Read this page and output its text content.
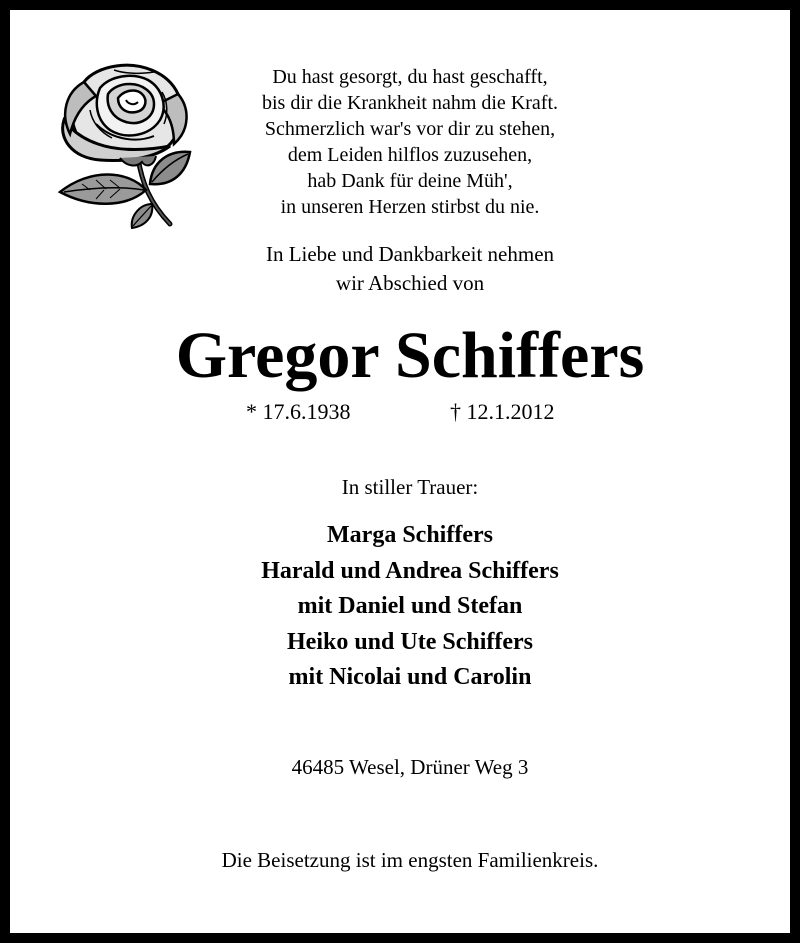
Du hast gesorgt, du hast geschafft,
bis dir die Krankheit nahm die Kraft.
Schmerzlich war's vor dir zu stehen,
dem Leiden hilflos zuzusehen,
hab Dank für deine Müh',
in unseren Herzen stirbst du nie.
In Liebe und Dankbarkeit nehmen
wir Abschied von
Gregor Schiffers
* 17.6.1938	† 12.1.2012
In stiller Trauer:
Marga Schiffers
Harald und Andrea Schiffers
mit Daniel und Stefan
Heiko und Ute Schiffers
mit Nicolai und Carolin
46485 Wesel, Drüner Weg 3
Die Beisetzung ist im engsten Familienkreis.
